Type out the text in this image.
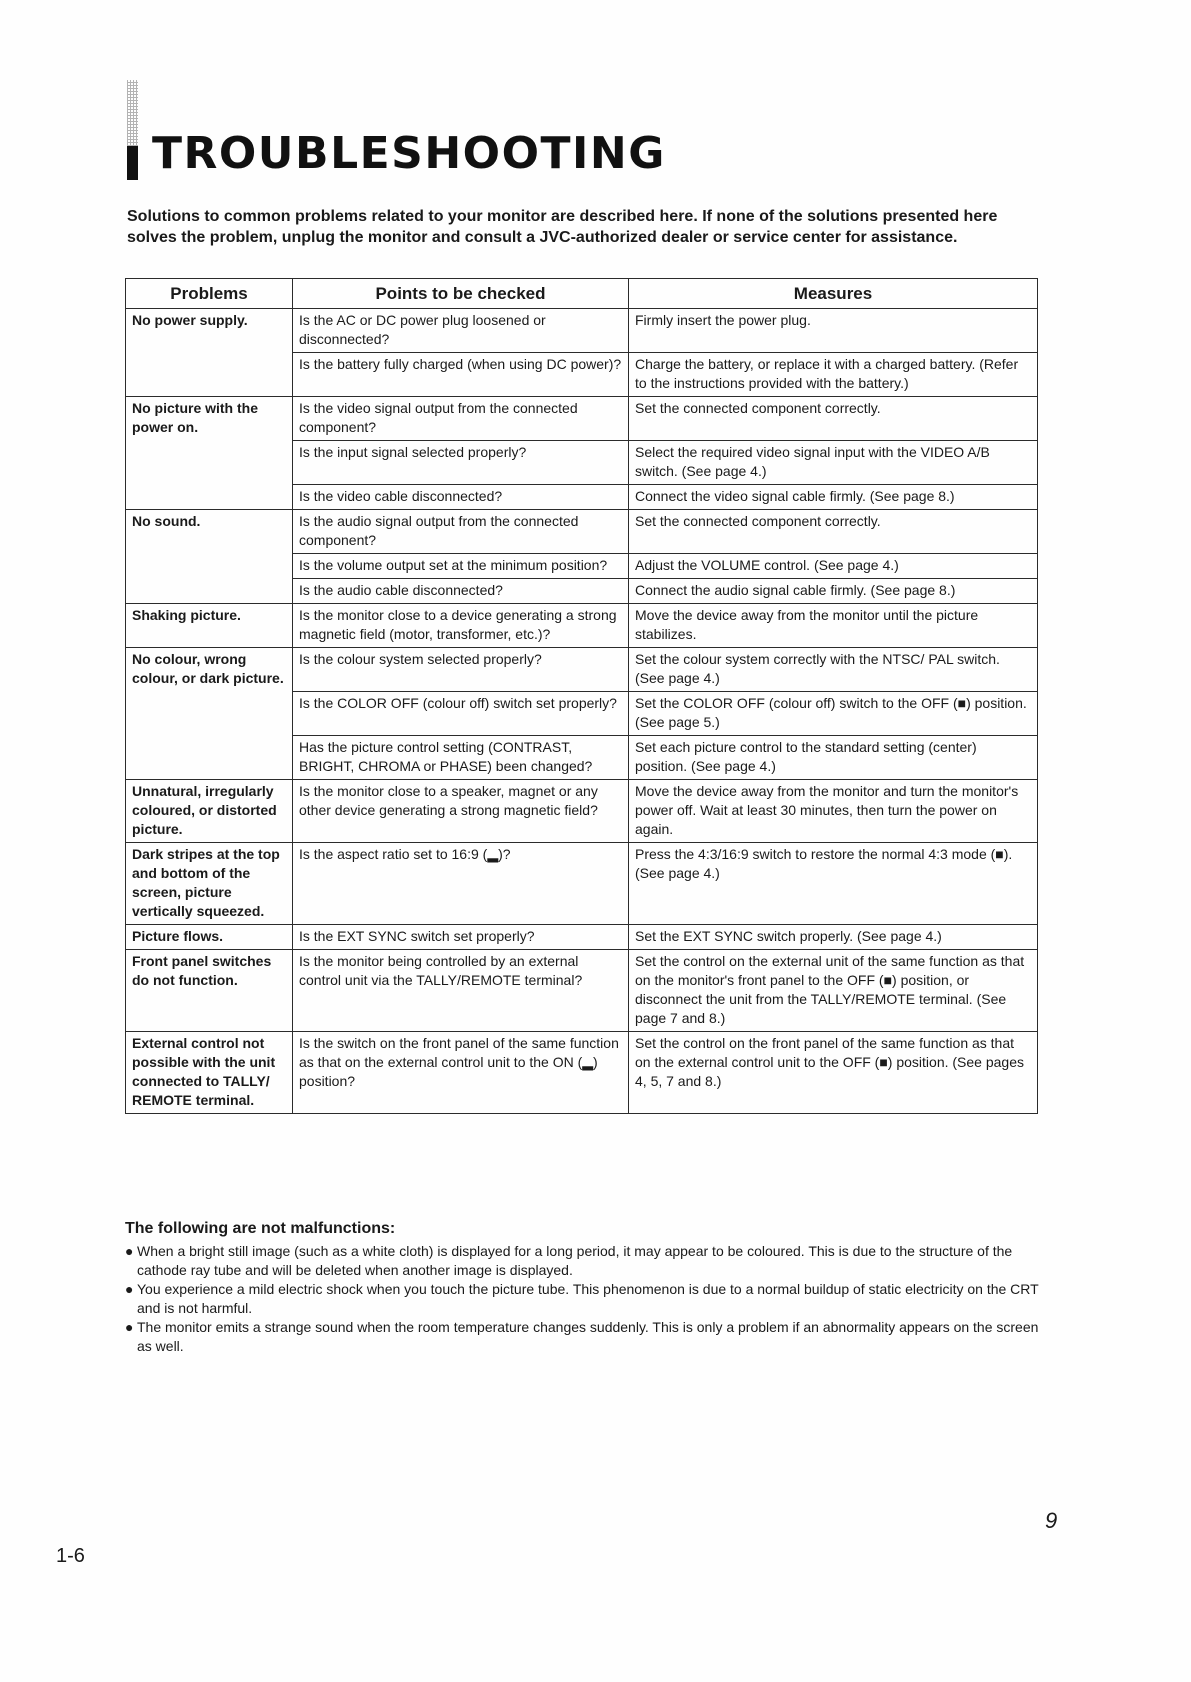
TROUBLESHOOTING

Solutions to common problems related to your monitor are described here. If none of the solutions presented here solves the problem, unplug the monitor and consult a JVC-authorized dealer or service center for assistance.

Problems	Points to be checked	Measures
No power supply.	Is the AC or DC power plug loosened or disconnected?	Firmly insert the power plug.
	Is the battery fully charged (when using DC power)?	Charge the battery, or replace it with a charged battery. (Refer to the instructions provided with the battery.)
No picture with the power on.	Is the video signal output from the connected component?	Set the connected component correctly.
	Is the input signal selected properly?	Select the required video signal input with the VIDEO A/B switch. (See page 4.)
	Is the video cable disconnected?	Connect the video signal cable firmly. (See page 8.)
No sound.	Is the audio signal output from the connected component?	Set the connected component correctly.
	Is the volume output set at the minimum position?	Adjust the VOLUME control. (See page 4.)
	Is the audio cable disconnected?	Connect the audio signal cable firmly. (See page 8.)
Shaking picture.	Is the monitor close to a device generating a strong magnetic field (motor, transformer, etc.)?	Move the device away from the monitor until the picture stabilizes.
No colour, wrong colour, or dark picture.	Is the colour system selected properly?	Set the colour system correctly with the NTSC/ PAL switch. (See page 4.)
	Is the COLOR OFF (colour off) switch set properly?	Set the COLOR OFF (colour off) switch to the OFF (■) position. (See page 5.)
	Has the picture control setting (CONTRAST, BRIGHT, CHROMA or PHASE) been changed?	Set each picture control to the standard setting (center) position. (See page 4.)
Unnatural, irregularly coloured, or distorted picture.	Is the monitor close to a speaker, magnet or any other device generating a strong magnetic field?	Move the device away from the monitor and turn the monitor's power off. Wait at least 30 minutes, then turn the power on again.
Dark stripes at the top and bottom of the screen, picture vertically squeezed.	Is the aspect ratio set to 16:9 (▂)?	Press the 4:3/16:9 switch to restore the normal 4:3 mode (■). (See page 4.)
Picture flows.	Is the EXT SYNC switch set properly?	Set the EXT SYNC switch properly. (See page 4.)
Front panel switches do not function.	Is the monitor being controlled by an external control unit via the TALLY/REMOTE terminal?	Set the control on the external unit of the same function as that on the monitor's front panel to the OFF (■) position, or disconnect the unit from the TALLY/REMOTE terminal. (See page 7 and 8.)
External control not possible with the unit connected to TALLY/ REMOTE terminal.	Is the switch on the front panel of the same function as that on the external control unit to the ON (▂) position?	Set the control on the front panel of the same function as that on the external control unit to the OFF (■) position. (See pages 4, 5, 7 and 8.)

The following are not malfunctions:

● When a bright still image (such as a white cloth) is displayed for a long period, it may appear to be coloured. This is due to the structure of the cathode ray tube and will be deleted when another image is displayed.
● You experience a mild electric shock when you touch the picture tube. This phenomenon is due to a normal buildup of static electricity on the CRT and is not harmful.
● The monitor emits a strange sound when the room temperature changes suddenly. This is only a problem if an abnormality appears on the screen as well.

9

1-6
